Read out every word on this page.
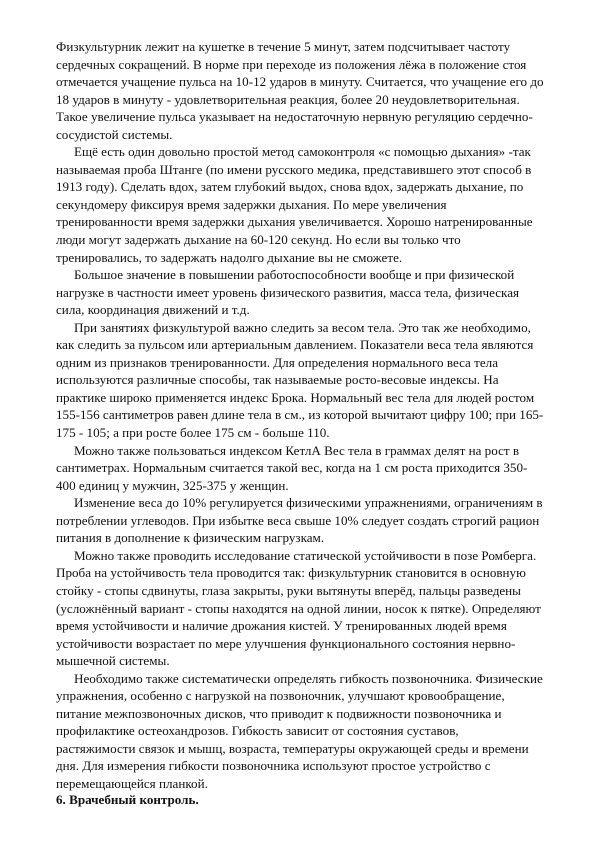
Физкультурник лежит на кушетке в течение 5 минут, затем подсчитывает частоту
сердечных сокращений. В норме при переходе из положения лёжа в положение стоя
отмечается учащение пульса на 10-12 ударов в минуту. Считается, что учащение его до
18 ударов в минуту - удовлетворительная реакция, более 20 неудовлетворительная.
Такое увеличение пульса указывает на недостаточную нервную регуляцию сердечно-
сосудистой системы.

Ещё есть один довольно простой метод самоконтроля «с помощью дыхания» -так
называемая проба Штанге (по имени русского медика, представившего этот способ в
1913 году). Сделать вдох, затем глубокий выдох, снова вдох, задержать дыхание, по
секундомеру фиксируя время задержки дыхания. По мере увеличения
тренированности время задержки дыхания увеличивается. Хорошо натренированные
люди могут задержать дыхание на 60-120 секунд. Но если вы только что
тренировались, то задержать надолго дыхание вы не сможете.

Большое значение в повышении работоспособности вообще и при физической
нагрузке в частности имеет уровень физического развития, масса тела, физическая
сила, координация движений и т.д.

При занятиях физкультурой важно следить за весом тела. Это так же необходимо,
как следить за пульсом или артериальным давлением. Показатели веса тела являются
одним из признаков тренированности. Для определения нормального веса тела
используются различные способы, так называемые росто-весовые индексы. На
практике широко применяется индекс Брока. Нормальный вес тела для людей ростом
155-156 сантиметров равен длине тела в см., из которой вычитают цифру 100; при 165-
175 - 105; а при росте более 175 см - больше 110.

Можно также пользоваться индексом КетлА Вес тела в граммах делят на рост в
сантиметрах. Нормальным считается такой вес, когда на 1 см роста приходится 350-
400 единиц у мужчин, 325-375 у женщин.

Изменение веса до 10% регулируется физическими упражнениями, ограничениям в
потреблении углеводов. При избытке веса свыше 10% следует создать строгий рацион
питания в дополнение к физическим нагрузкам.

Можно также проводить исследование статической устойчивости в позе Ромберга.
Проба на устойчивость тела проводится так: физкультурник становится в основную
стойку - стопы сдвинуты, глаза закрыты, руки вытянуты вперёд, пальцы разведены
(усложнённый вариант - стопы находятся на одной линии, носок к пятке). Определяют
время устойчивости и наличие дрожания кистей. У тренированных людей время
устойчивости возрастает по мере улучшения функционального состояния нервно-
мышечной системы.

Необходимо также систематически определять гибкость позвоночника. Физические
упражнения, особенно с нагрузкой на позвоночник, улучшают кровообращение,
питание межпозвоночных дисков, что приводит к подвижности позвоночника и
профилактике остеохандрозов. Гибкость зависит от состояния суставов,
растяжимости связок и мышц, возраста, температуры окружающей среды и времени
дня. Для измерения гибкости позвоночника используют простое устройство с
перемещающейся планкой.

6. Врачебный контроль.
